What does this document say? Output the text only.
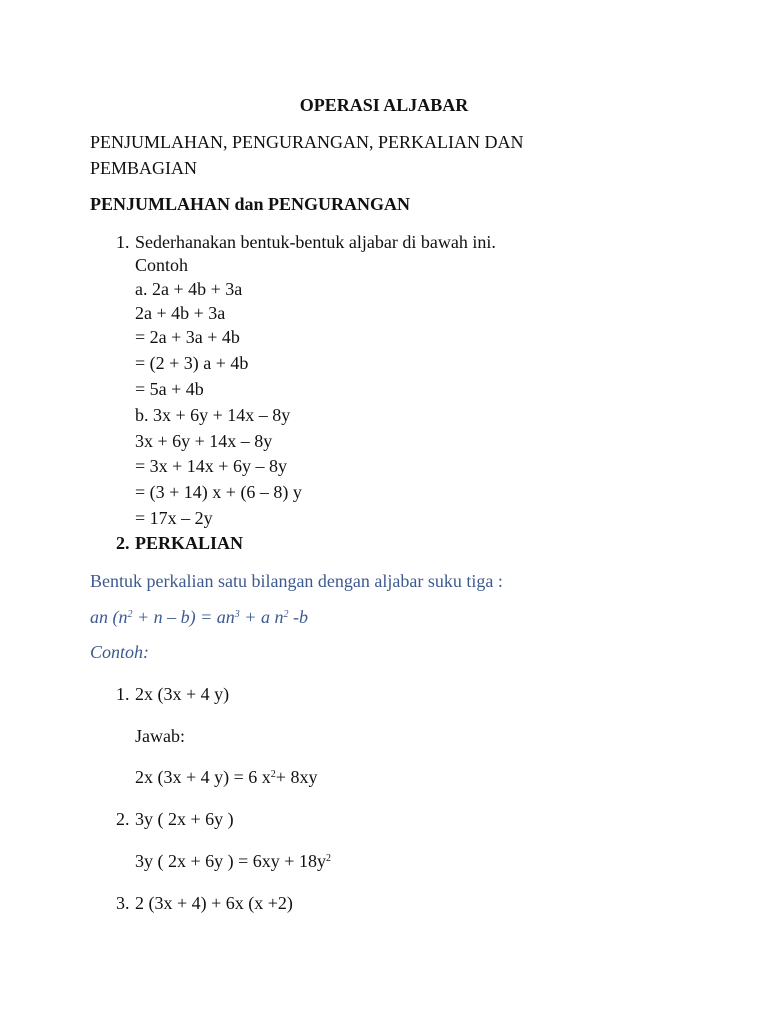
OPERASI ALJABAR
PENJUMLAHAN, PENGURANGAN, PERKALIAN DAN
PEMBAGIAN
PENJUMLAHAN dan PENGURANGAN
1. Sederhanakan bentuk-bentuk aljabar di bawah ini.
Contoh
a. 2a + 4b + 3a
2a + 4b + 3a
= 2a + 3a + 4b
= (2 + 3) a + 4b
= 5a + 4b
b. 3x + 6y + 14x – 8y
3x + 6y + 14x – 8y
= 3x + 14x + 6y – 8y
= (3 + 14) x + (6 – 8) y
= 17x – 2y
2. PERKALIAN
Bentuk perkalian satu bilangan dengan aljabar suku tiga :
an $(n^2 + n - b) = an^3 + a$ $n^2$ -b
Contoh:
1. 2x (3x + 4 y)
Jawab:
2x (3x + 4 y) = 6 $x^2+ 8xy$
2. 3y ( 2x + 6y )
3y ( 2x + 6y ) = $6xy + 18y^2$
3. 2 (3x + 4) + 6x (x +2)
